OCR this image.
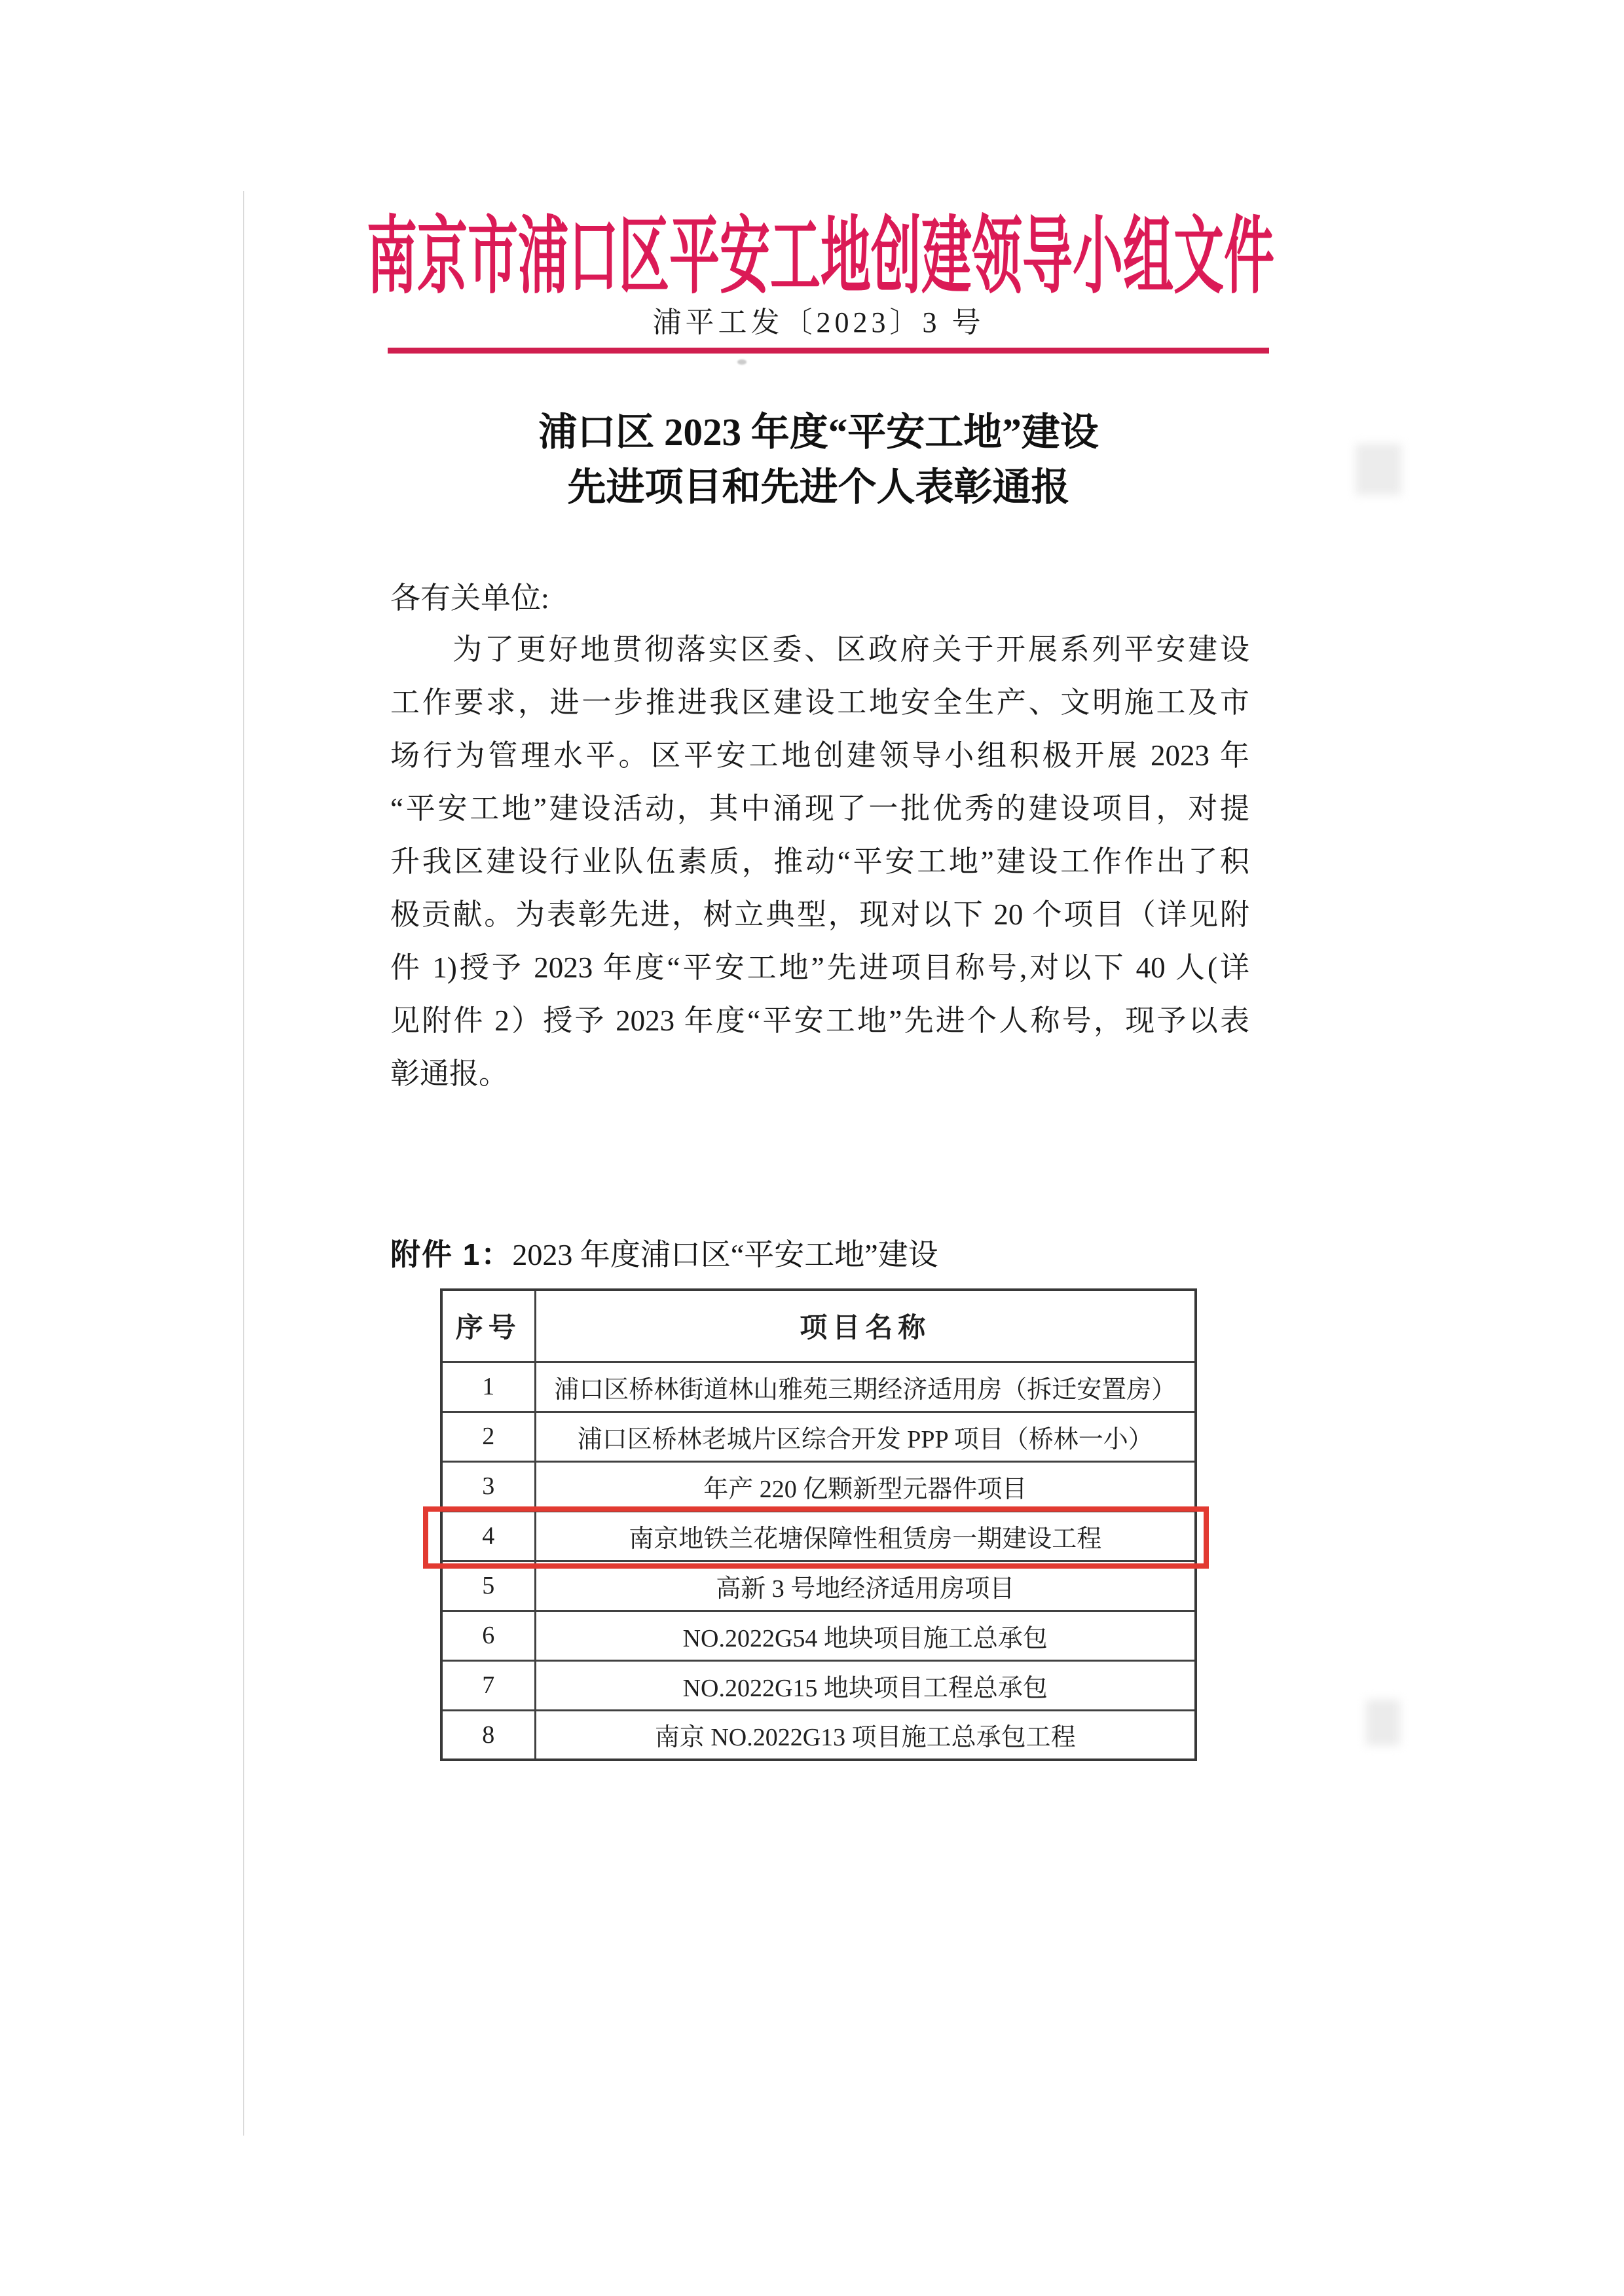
南京市浦口区平安工地创建领导小组文件
浦平工发〔2023〕3 号
浦口区 2023 年度“平安工地”建设
先进项目和先进个人表彰通报
各有关单位:
为了更好地贯彻落实区委、区政府关于开展系列平安建设
工作要求，进一步推进我区建设工地安全生产、文明施工及市
场行为管理水平。区平安工地创建领导小组积极开展 2023 年
“平安工地”建设活动，其中涌现了一批优秀的建设项目，对提
升我区建设行业队伍素质，推动“平安工地”建设工作作出了积
极贡献。为表彰先进，树立典型，现对以下 20 个项目（详见附
件 1)授予 2023 年度“平安工地”先进项目称号,对以下 40 人(详
见附件 2）授予 2023 年度“平安工地”先进个人称号，现予以表
彰通报。
附件 1：2023 年度浦口区“平安工地”建设
序号	项目名称
1	浦口区桥林街道林山雅苑三期经济适用房（拆迁安置房）
2	浦口区桥林老城片区综合开发 PPP 项目（桥林一小）
3	年产 220 亿颗新型元器件项目
4	南京地铁兰花塘保障性租赁房一期建设工程
5	高新 3 号地经济适用房项目
6	NO.2022G54 地块项目施工总承包
7	NO.2022G15 地块项目工程总承包
8	南京 NO.2022G13 项目施工总承包工程
